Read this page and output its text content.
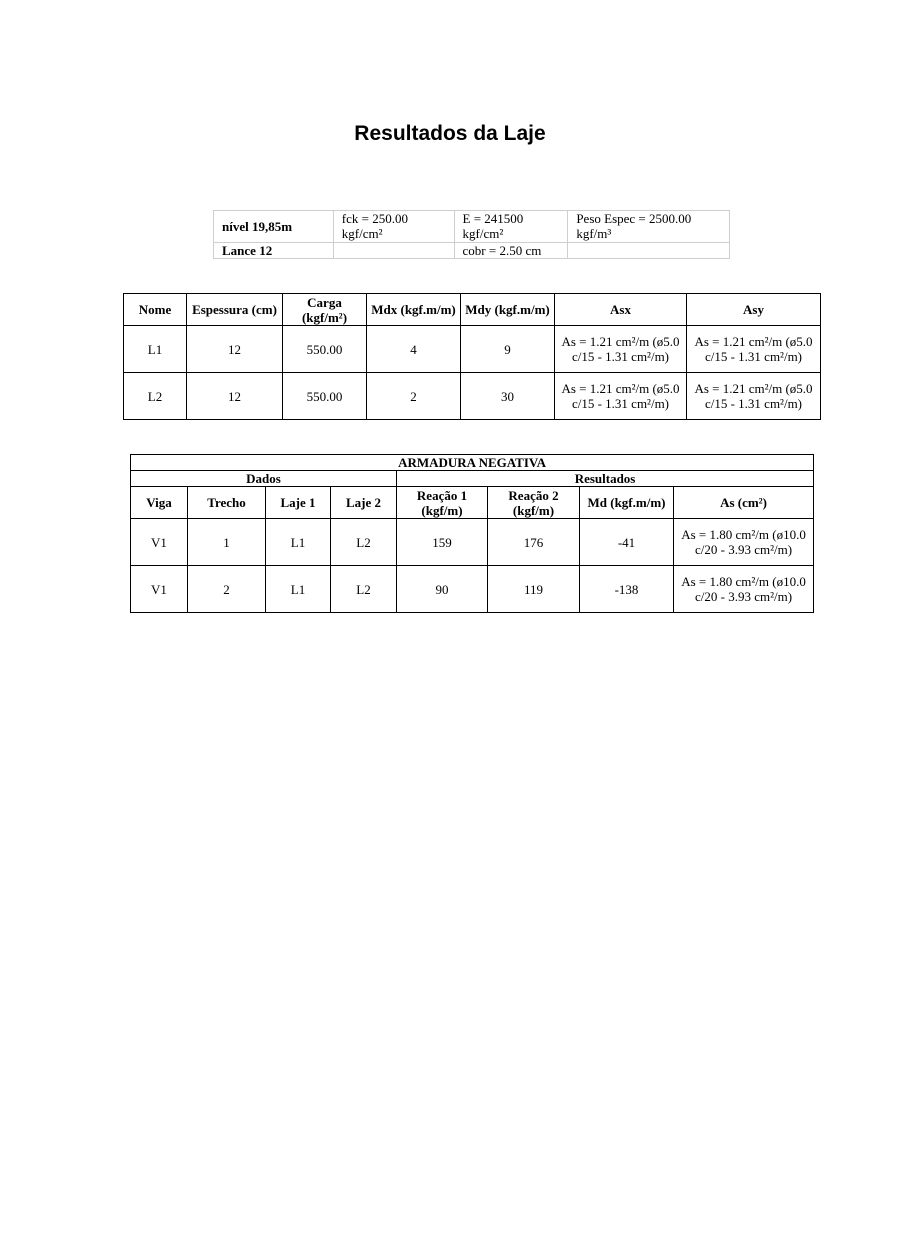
Resultados da Laje
nível 19,85m	fck = 250.00 kgf/cm²	E = 241500 kgf/cm²	Peso Espec = 2500.00 kgf/m³
Lance 12		cobr = 2.50 cm	
Nome	Espessura (cm)	Carga (kgf/m²)	Mdx (kgf.m/m)	Mdy (kgf.m/m)	Asx	Asy
L1	12	550.00	4	9	As = 1.21 cm²/m (ø5.0 c/15 - 1.31 cm²/m)	As = 1.21 cm²/m (ø5.0 c/15 - 1.31 cm²/m)
L2	12	550.00	2	30	As = 1.21 cm²/m (ø5.0 c/15 - 1.31 cm²/m)	As = 1.21 cm²/m (ø5.0 c/15 - 1.31 cm²/m)
ARMADURA NEGATIVA							
Dados				Resultados			
Viga	Trecho	Laje 1	Laje 2	Reação 1 (kgf/m)	Reação 2 (kgf/m)	Md (kgf.m/m)	As (cm²)
V1	1	L1	L2	159	176	-41	As = 1.80 cm²/m (ø10.0 c/20 - 3.93 cm²/m)
V1	2	L1	L2	90	119	-138	As = 1.80 cm²/m (ø10.0 c/20 - 3.93 cm²/m)
